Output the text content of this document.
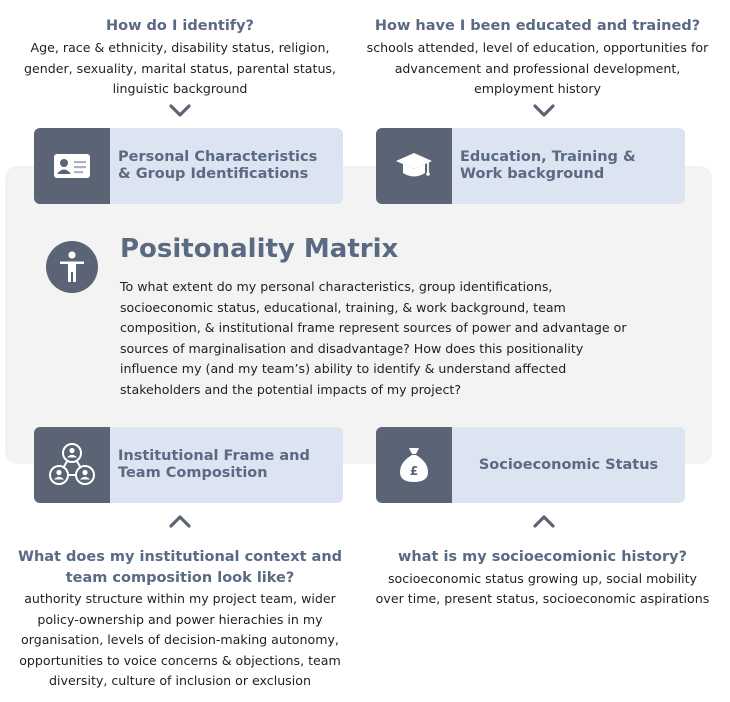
How do I identify?
Age, race & ethnicity, disability status, religion, gender, sexuality, marital status, parental status, linguistic background
How have I been educated and trained?
schools attended, level of education, opportunities for advancement and professional development, employment history
Personal Characteristics
& Group Identifications
Education, Training &
Work background
Positonality Matrix
To what extent do my personal characteristics, group identifications, socioeconomic status, educational, training, & work background, team composition, & institutional frame represent sources of power and advantage or sources of marginalisation and disadvantage? How does this positionality influence my (and my team’s) ability to identify & understand affected stakeholders and the potential impacts of my project?
Institutional Frame and
Team Composition	£	Socioeconomic Status
What does my institutional context and
team composition look like?
authority structure within my project team, wider policy-ownership and power hierachies in my organisation, levels of decision-making autonomy, opportunities to voice concerns & objections, team diversity, culture of inclusion or exclusion
what is my socioecomionic history?
socioeconomic status growing up, social mobility over time, present status, socioeconomic aspirations
